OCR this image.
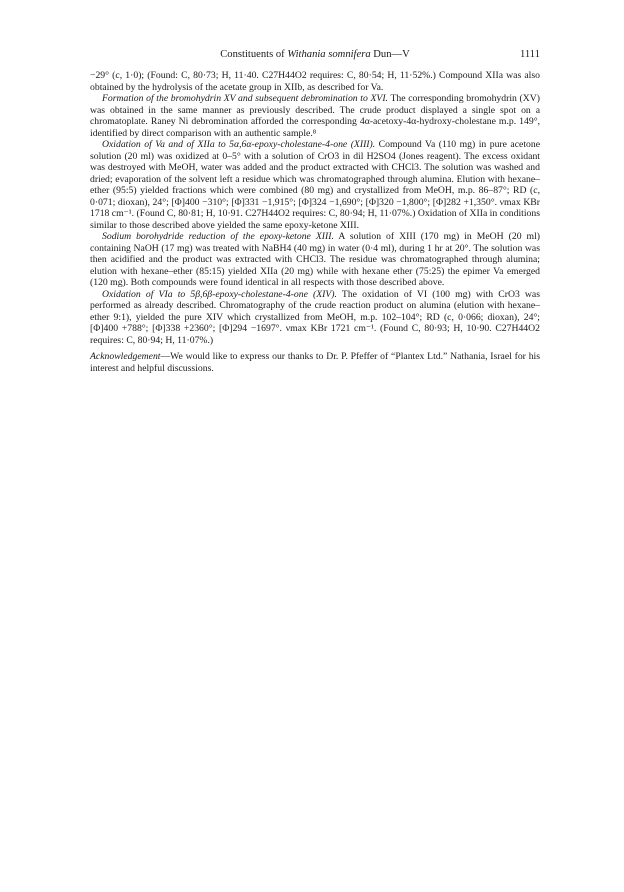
Constituents of Withania somnifera Dun—V	1111

−29° (c, 1·0); (Found: C, 80·73; H, 11·40. C27H44O2 requires: C, 80·54; H, 11·52%.) Compound XIIa was also obtained by the hydrolysis of the acetate group in XIIb, as described for Va.

Formation of the bromohydrin XV and subsequent debromination to XVI. The corresponding bromohydrin (XV) was obtained in the same manner as previously described. The crude product displayed a single spot on a chromatoplate. Raney Ni debromination afforded the corresponding 4α-acetoxy-4α-hydroxy-cholestane m.p. 149°, identified by direct comparison with an authentic sample.⁸

Oxidation of Va and of XIIa to 5α,6α-epoxy-cholestane-4-one (XIII). Compound Va (110 mg) in pure acetone solution (20 ml) was oxidized at 0–5° with a solution of CrO3 in dil H2SO4 (Jones reagent). The excess oxidant was destroyed with MeOH, water was added and the product extracted with CHCl3. The solution was washed and dried; evaporation of the solvent left a residue which was chromatographed through alumina. Elution with hexane–ether (95:5) yielded fractions which were combined (80 mg) and crystallized from MeOH, m.p. 86–87°; RD (c, 0·071; dioxan), 24°; [Φ]400 −310°; [Φ]331 −1,915°; [Φ]324 −1,690°; [Φ]320 −1,800°; [Φ]282 +1,350°. νmax KBr 1718 cm⁻¹. (Found C, 80·81; H, 10·91. C27H44O2 requires: C, 80·94; H, 11·07%.) Oxidation of XIIa in conditions similar to those described above yielded the same epoxy-ketone XIII.

Sodium borohydride reduction of the epoxy-ketone XIII. A solution of XIII (170 mg) in MeOH (20 ml) containing NaOH (17 mg) was treated with NaBH4 (40 mg) in water (0·4 ml), during 1 hr at 20°. The solution was then acidified and the product was extracted with CHCl3. The residue was chromatographed through alumina; elution with hexane–ether (85:15) yielded XIIa (20 mg) while with hexane ether (75:25) the epimer Va emerged (120 mg). Both compounds were found identical in all respects with those described above.

Oxidation of VIa to 5β,6β-epoxy-cholestane-4-one (XIV). The oxidation of VI (100 mg) with CrO3 was performed as already described. Chromatography of the crude reaction product on alumina (elution with hexane–ether 9:1), yielded the pure XIV which crystallized from MeOH, m.p. 102–104°; RD (c, 0·066; dioxan), 24°; [Φ]400 +788°; [Φ]338 +2360°; [Φ]294 −1697°. νmax KBr 1721 cm⁻¹. (Found C, 80·93; H, 10·90. C27H44O2 requires: C, 80·94; H, 11·07%.)

Acknowledgement—We would like to express our thanks to Dr. P. Pfeffer of “Plantex Ltd.” Nathania, Israel for his interest and helpful discussions.
